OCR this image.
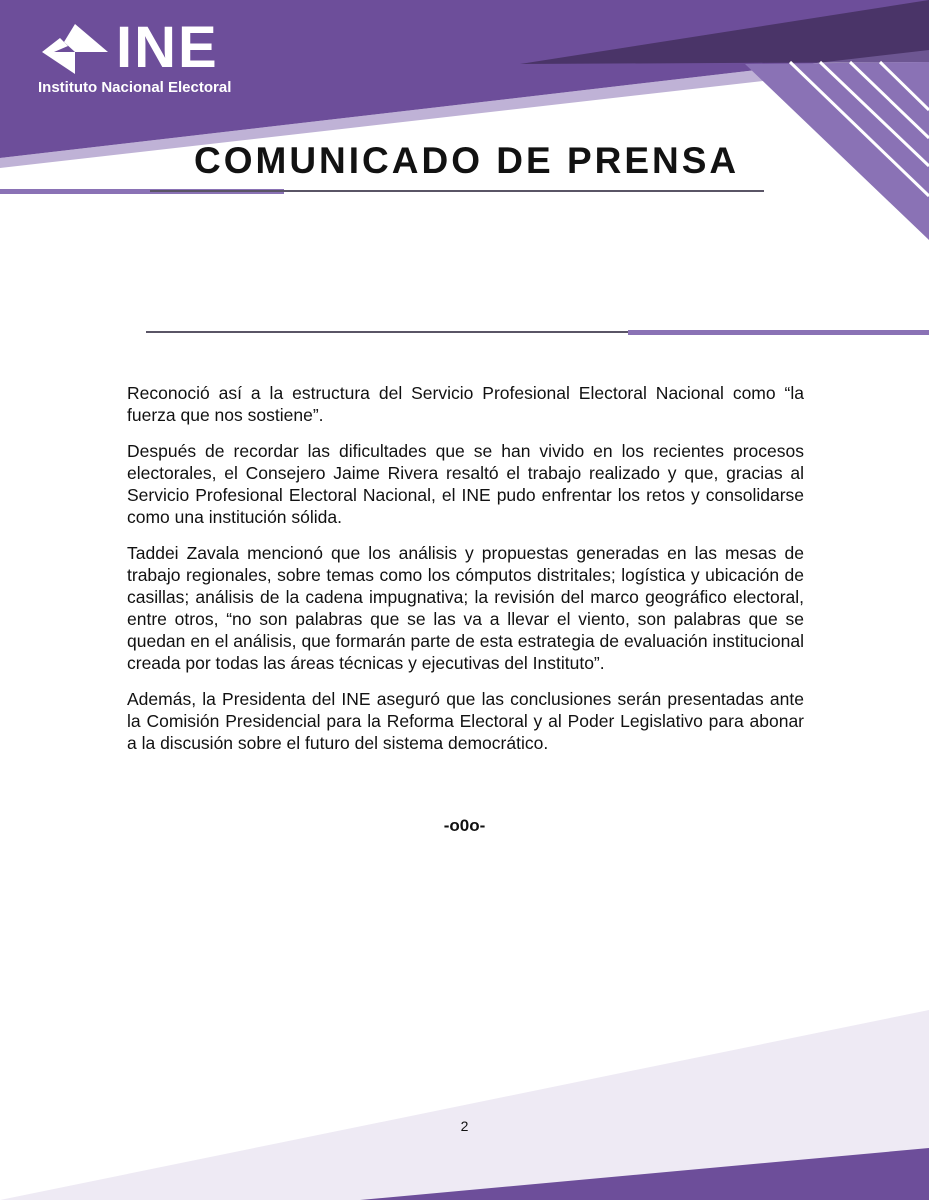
INE
Instituto Nacional Electoral
COMUNICADO DE PRENSA

Reconoció así a la estructura del Servicio Profesional Electoral Nacional como “la fuerza que nos sostiene”.

Después de recordar las dificultades que se han vivido en los recientes procesos electorales, el Consejero Jaime Rivera resaltó el trabajo realizado y que, gracias al Servicio Profesional Electoral Nacional, el INE pudo enfrentar los retos y consolidarse como una institución sólida.

Taddei Zavala mencionó que los análisis y propuestas generadas en las mesas de trabajo regionales, sobre temas como los cómputos distritales; logística y ubicación de casillas; análisis de la cadena impugnativa; la revisión del marco geográfico electoral, entre otros, “no son palabras que se las va a llevar el viento, son palabras que se quedan en el análisis, que formarán parte de esta estrategia de evaluación institucional creada por todas las áreas técnicas y ejecutivas del Instituto”.

Además, la Presidenta del INE aseguró que las conclusiones serán presentadas ante la Comisión Presidencial para la Reforma Electoral y al Poder Legislativo para abonar a la discusión sobre el futuro del sistema democrático.

-o0o-
2
